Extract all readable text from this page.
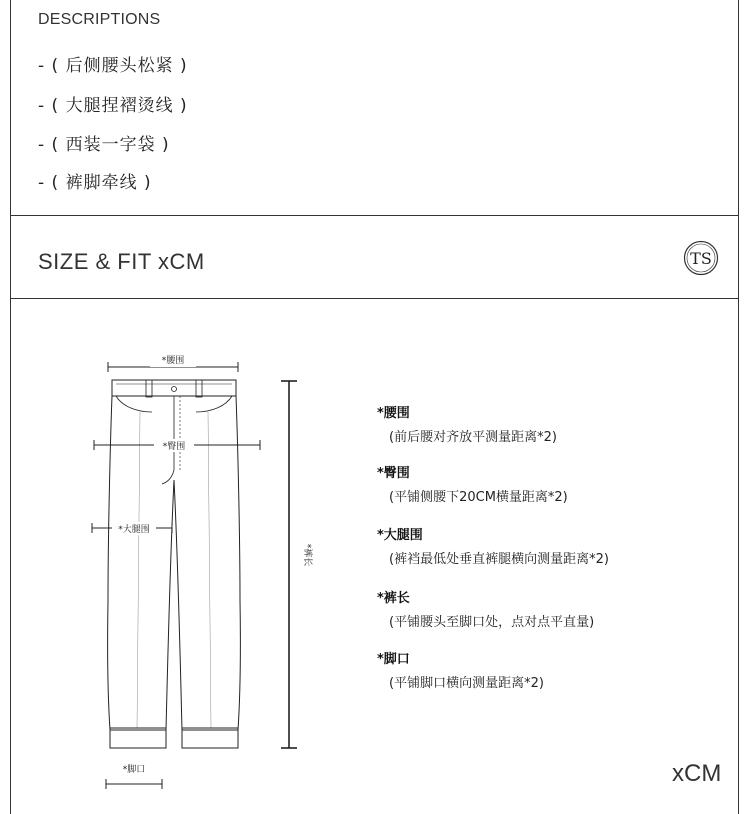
DESCRIPTIONS
- ( 后侧腰头松紧 )
- ( 大腿捏褶烫线 )
- ( 西装一字袋 )
- ( 裤脚牵线 )
SIZE & FIT xCM	TS
*腰围
*臀围
*大腿围
*裤长
*脚口
*腰围
(前后腰对齐放平测量距离*2)
*臀围
(平铺侧腰下20CM横量距离*2)
*大腿围
(裤裆最低处垂直裤腿横向测量距离*2)
*裤长
(平铺腰头至脚口处，点对点平直量)
*脚口
(平铺脚口横向测量距离*2)
xCM
